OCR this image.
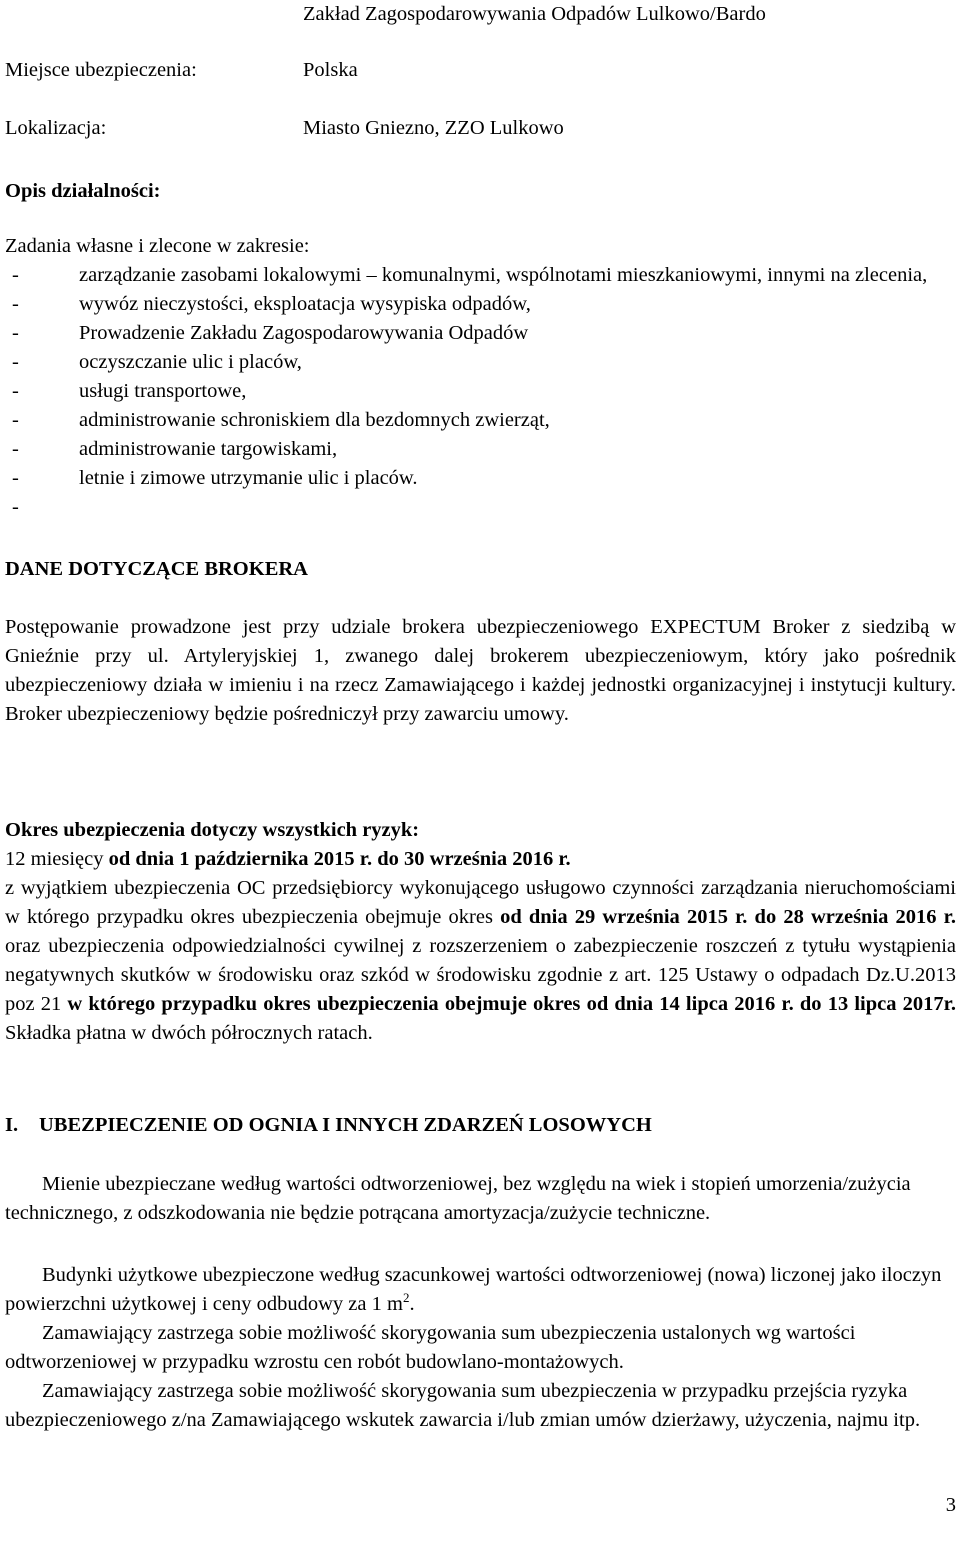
Zakład Zagospodarowywania Odpadów Lulkowo/Bardo
Miejsce ubezpieczenia:	Polska
Lokalizacja:	Miasto Gniezno, ZZO Lulkowo
Opis działalności:
Zadania własne i zlecone w zakresie:
-	zarządzanie zasobami lokalowymi – komunalnymi, wspólnotami mieszkaniowymi, innymi na zlecenia,
-	wywóz nieczystości, eksploatacja wysypiska odpadów,
-	Prowadzenie Zakładu Zagospodarowywania Odpadów
-	oczyszczanie ulic i placów,
-	usługi transportowe,
-	administrowanie schroniskiem dla bezdomnych zwierząt,
-	administrowanie targowiskami,
-	letnie i zimowe utrzymanie ulic i placów.
-
DANE DOTYCZĄCE BROKERA

Postępowanie prowadzone jest przy udziale brokera ubezpieczeniowego EXPECTUM Broker z siedzibą w Gnieźnie przy ul. Artyleryjskiej 1, zwanego dalej brokerem ubezpieczeniowym, który jako pośrednik ubezpieczeniowy działa w imieniu i na rzecz Zamawiającego i każdej jednostki organizacyjnej i instytucji kultury. Broker ubezpieczeniowy będzie pośredniczył przy zawarciu umowy.

Okres ubezpieczenia dotyczy wszystkich ryzyk:
12 miesięcy od dnia 1 października 2015 r. do 30 września 2016 r.

z wyjątkiem ubezpieczenia OC przedsiębiorcy wykonującego usługowo czynności zarządzania nieruchomościami w którego przypadku okres ubezpieczenia obejmuje okres od dnia 29 września 2015 r. do 28 września 2016 r. oraz ubezpieczenia odpowiedzialności cywilnej z rozszerzeniem o zabezpieczenie roszczeń z tytułu wystąpienia negatywnych skutków w środowisku oraz szkód w środowisku zgodnie z art. 125 Ustawy o odpadach Dz.U.2013 poz 21 w którego przypadku okres ubezpieczenia obejmuje okres od dnia 14 lipca 2016 r. do 13 lipca 2017r. Składka płatna w dwóch półrocznych ratach.

I. UBEZPIECZENIE OD OGNIA I INNYCH ZDARZEŃ LOSOWYCH

Mienie ubezpieczane według wartości odtworzeniowej, bez względu na wiek i stopień umorzenia/zużycia technicznego, z odszkodowania nie będzie potrącana amortyzacja/zużycie techniczne.

Budynki użytkowe ubezpieczone według szacunkowej wartości odtworzeniowej (nowa) liczonej jako iloczyn powierzchni użytkowej i ceny odbudowy za 1 $m^2$.

Zamawiający zastrzega sobie możliwość skorygowania sum ubezpieczenia ustalonych wg wartości odtworzeniowej w przypadku wzrostu cen robót budowlano-montażowych.

Zamawiający zastrzega sobie możliwość skorygowania sum ubezpieczenia w przypadku przejścia ryzyka ubezpieczeniowego z/na Zamawiającego wskutek zawarcia i/lub zmian umów dzierżawy, użyczenia, najmu itp.

3
